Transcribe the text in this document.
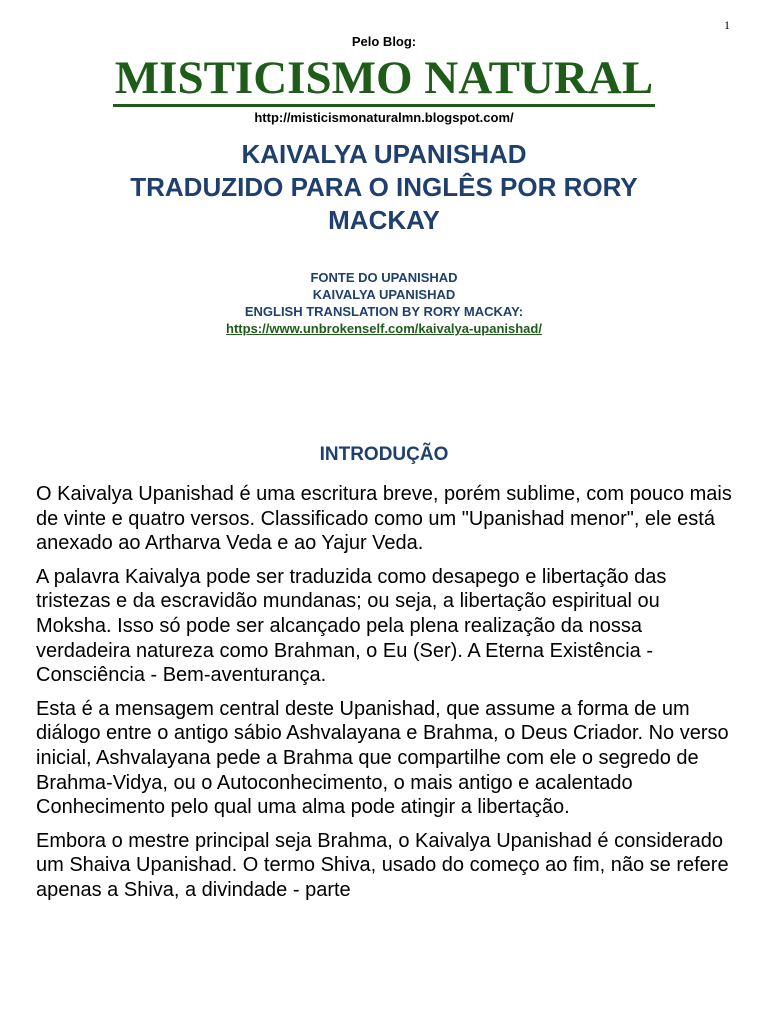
1
Pelo Blog:
MISTICISMO NATURAL
http://misticismonaturalmn.blogspot.com/
KAIVALYA UPANISHAD
TRADUZIDO PARA O INGLÊS POR RORY
MACKAY
FONTE DO UPANISHAD
KAIVALYA UPANISHAD
ENGLISH TRANSLATION BY RORY MACKAY:
https://www.unbrokenself.com/kaivalya-upanishad/
INTRODUÇÃO

O Kaivalya Upanishad é uma escritura breve, porém sublime, com pouco mais de vinte e quatro versos. Classificado como um "Upanishad menor", ele está anexado ao Artharva Veda e ao Yajur Veda.

A palavra Kaivalya pode ser traduzida como desapego e libertação das tristezas e da escravidão mundanas; ou seja, a libertação espiritual ou Moksha. Isso só pode ser alcançado pela plena realização da nossa verdadeira natureza como Brahman, o Eu (Ser). A Eterna Existência - Consciência - Bem-aventurança.

Esta é a mensagem central deste Upanishad, que assume a forma de um diálogo entre o antigo sábio Ashvalayana e Brahma, o Deus Criador. No verso inicial, Ashvalayana pede a Brahma que compartilhe com ele o segredo de Brahma-Vidya, ou o Autoconhecimento, o mais antigo e acalentado Conhecimento pelo qual uma alma pode atingir a libertação.

Embora o mestre principal seja Brahma, o Kaivalya Upanishad é considerado um Shaiva Upanishad. O termo Shiva, usado do começo ao fim, não se refere apenas a Shiva, a divindade - parte
